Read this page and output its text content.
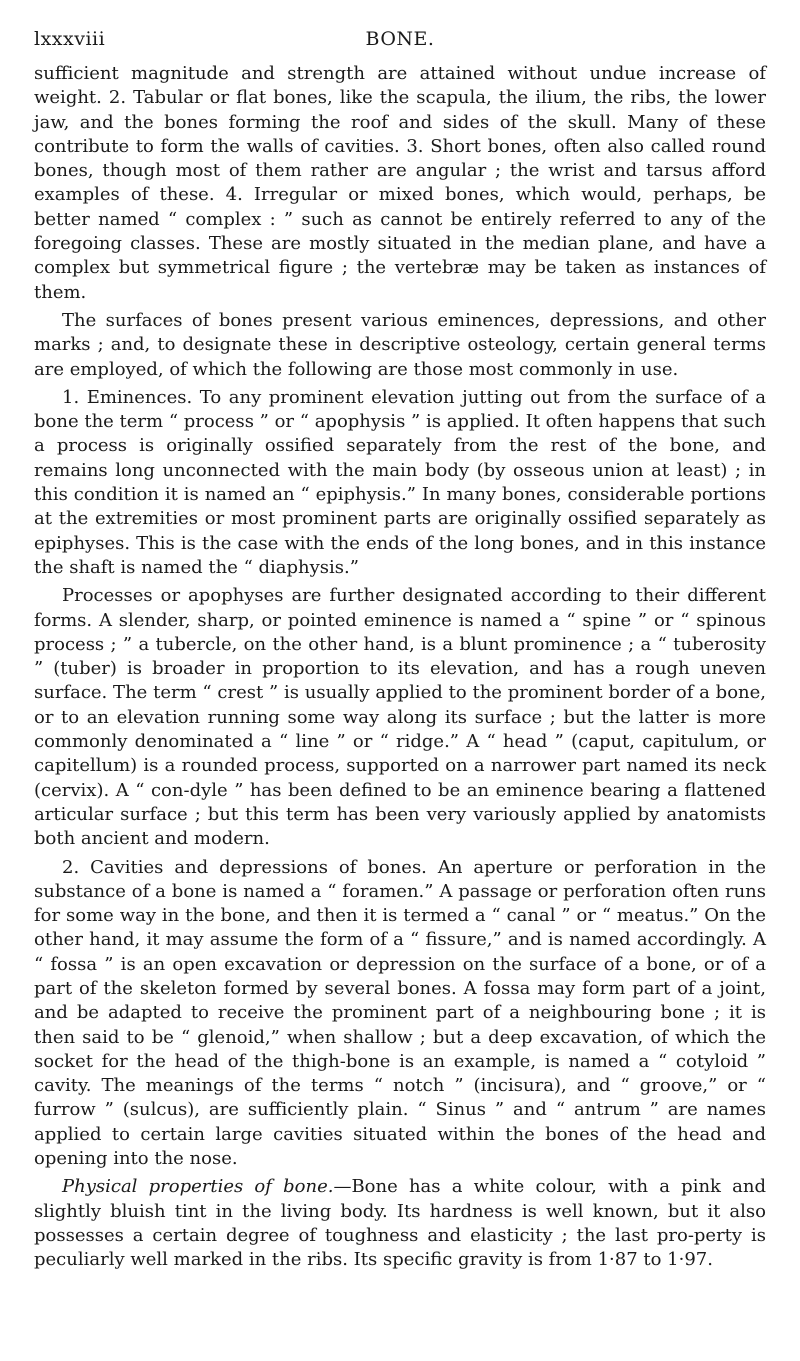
lxxxviii	BONE.

sufficient magnitude and strength are attained without undue increase of weight. 2. Tabular or flat bones, like the scapula, the ilium, the ribs, the lower jaw, and the bones forming the roof and sides of the skull. Many of these contribute to form the walls of cavities. 3. Short bones, often also called round bones, though most of them rather are angular ; the wrist and tarsus afford examples of these. 4. Irregular or mixed bones, which would, perhaps, be better named “ complex : ” such as cannot be entirely referred to any of the foregoing classes. These are mostly situated in the median plane, and have a complex but symmetrical figure ; the vertebræ may be taken as instances of them.

The surfaces of bones present various eminences, depressions, and other marks ; and, to designate these in descriptive osteology, certain general terms are employed, of which the following are those most commonly in use.

1. Eminences. To any prominent elevation jutting out from the surface of a bone the term “ process ” or “ apophysis ” is applied. It often happens that such a process is originally ossified separately from the rest of the bone, and remains long unconnected with the main body (by osseous union at least) ; in this condition it is named an “ epiphysis.” In many bones, considerable portions at the extremities or most prominent parts are originally ossified separately as epiphyses. This is the case with the ends of the long bones, and in this instance the shaft is named the “ diaphysis.”

Processes or apophyses are further designated according to their different forms. A slender, sharp, or pointed eminence is named a “ spine ” or “ spinous process ; ” a tubercle, on the other hand, is a blunt prominence ; a “ tuberosity ” (tuber) is broader in proportion to its elevation, and has a rough uneven surface. The term “ crest ” is usually applied to the prominent border of a bone, or to an elevation running some way along its surface ; but the latter is more commonly denominated a “ line ” or “ ridge.” A “ head ” (caput, capitulum, or capitellum) is a rounded process, supported on a narrower part named its neck (cervix). A “ con-dyle ” has been defined to be an eminence bearing a flattened articular surface ; but this term has been very variously applied by anatomists both ancient and modern.

2. Cavities and depressions of bones. An aperture or perforation in the substance of a bone is named a “ foramen.” A passage or perforation often runs for some way in the bone, and then it is termed a “ canal ” or “ meatus.” On the other hand, it may assume the form of a “ fissure,” and is named accordingly. A “ fossa ” is an open excavation or depression on the surface of a bone, or of a part of the skeleton formed by several bones. A fossa may form part of a joint, and be adapted to receive the prominent part of a neighbouring bone ; it is then said to be “ glenoid,” when shallow ; but a deep excavation, of which the socket for the head of the thigh-bone is an example, is named a “ cotyloid ” cavity. The meanings of the terms “ notch ” (incisura), and “ groove,” or “ furrow ” (sulcus), are sufficiently plain. “ Sinus ” and “ antrum ” are names applied to certain large cavities situated within the bones of the head and opening into the nose.

Physical properties of bone.—Bone has a white colour, with a pink and slightly bluish tint in the living body. Its hardness is well known, but it also possesses a certain degree of toughness and elasticity ; the last pro-perty is peculiarly well marked in the ribs. Its specific gravity is from 1·87 to 1·97.
